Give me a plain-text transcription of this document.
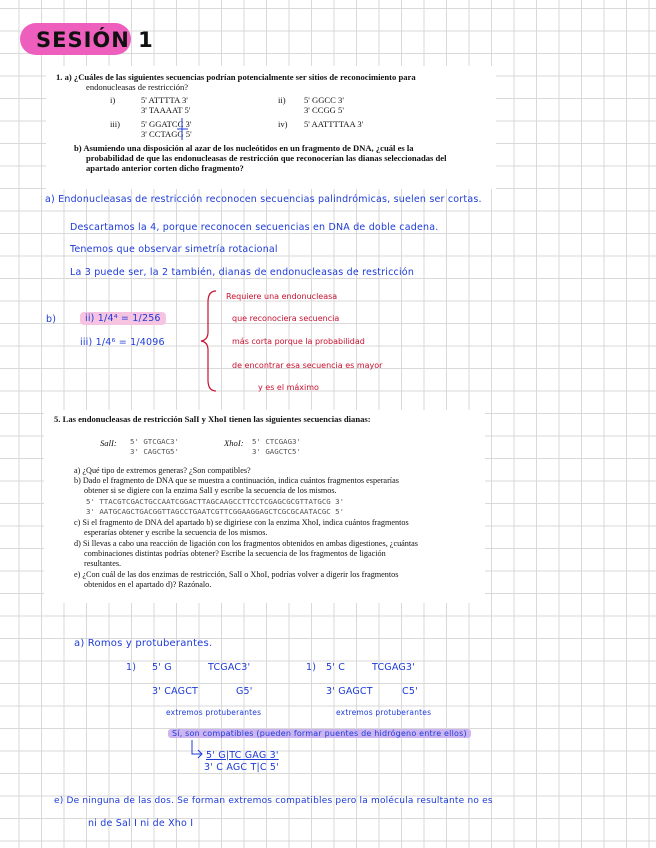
SESIÓN 1
1. a) ¿Cuáles de las siguientes secuencias podrían potencialmente ser sitios de reconocimiento para
endonucleasas de restricción?
i)	5' ATTTTA 3'
3' TAAAAT 5'
ii) 5' GGCC 3'
3' CCGG 5'
iii) 5' GGATCC 3'
3' CCTAGG 5'
iv) 5' AATTTTAA 3'
b) Asumiendo una disposición al azar de los nucleótidos en un fragmento de DNA, ¿cuál es la
probabilidad de que las endonucleasas de restricción que reconocerían las dianas seleccionadas del
apartado anterior corten dicho fragmento?
a) Endonucleasas de restricción reconocen secuencias palindrómicas, suelen ser cortas.
Descartamos la 4, porque reconocen secuencias en DNA de doble cadena.
Tenemos que observar simetría rotacional
La 3 puede ser, la 2 también, dianas de endonucleasas de restricción
b)	ii) 1/4⁴ = 1/256
iii) 1/4⁶ = 1/4096
Requiere una endonucleasa
que reconociera secuencia
más corta porque la probabilidad
de encontrar esa secuencia es mayor
y es el máximo
5. Las endonucleasas de restricción SalI y XhoI tienen las siguientes secuencias dianas:
SalI: 5' GTCGAC3'
3' CAGCTG5'
XhoI: 5' CTCGAG3'
3' GAGCTC5'
a) ¿Qué tipo de extremos generas? ¿Son compatibles?
b) Dado el fragmento de DNA que se muestra a continuación, indica cuántos fragmentos esperarías
obtener si se digiere con la enzima SalI y escribe la secuencia de los mismos.
5' TTACGTCGACTGCCAATCGGACTTAGCAAGCCTTCCTCGAGCGCGTTATGCG 3'
3' AATGCAGCTGACGGTTAGCCTGAATCGTTCGGAAGGAGCTCGCGCAATACGC 5'
c) Si el fragmento de DNA del apartado b) se digiriese con la enzima XhoI, indica cuántos fragmentos
esperarías obtener y escribe la secuencia de los mismos.
d) Si llevas a cabo una reacción de ligación con los fragmentos obtenidos en ambas digestiones, ¿cuántas
combinaciones distintas podrías obtener? Escribe la secuencia de los fragmentos de ligación
resultantes.
e) ¿Con cuál de las dos enzimas de restricción, SalI o XhoI, podrías volver a digerir los fragmentos
obtenidos en el apartado d)? Razónalo.
a) Romos y protuberantes.
1) 5' G	TCGAC3'	1) 5' C	TCGAG3'
3' CAGCT	G5'	3' GAGCT	C5'
extremos protuberantes	extremos protuberantes
Sí, son compatibles (pueden formar puentes de hidrógeno entre ellos)
5' G|TC GAG 3'
3' C AGC T|C 5'
e) De ninguna de las dos. Se forman extremos compatibles pero la molécula resultante no es
ni de Sal I ni de Xho I
